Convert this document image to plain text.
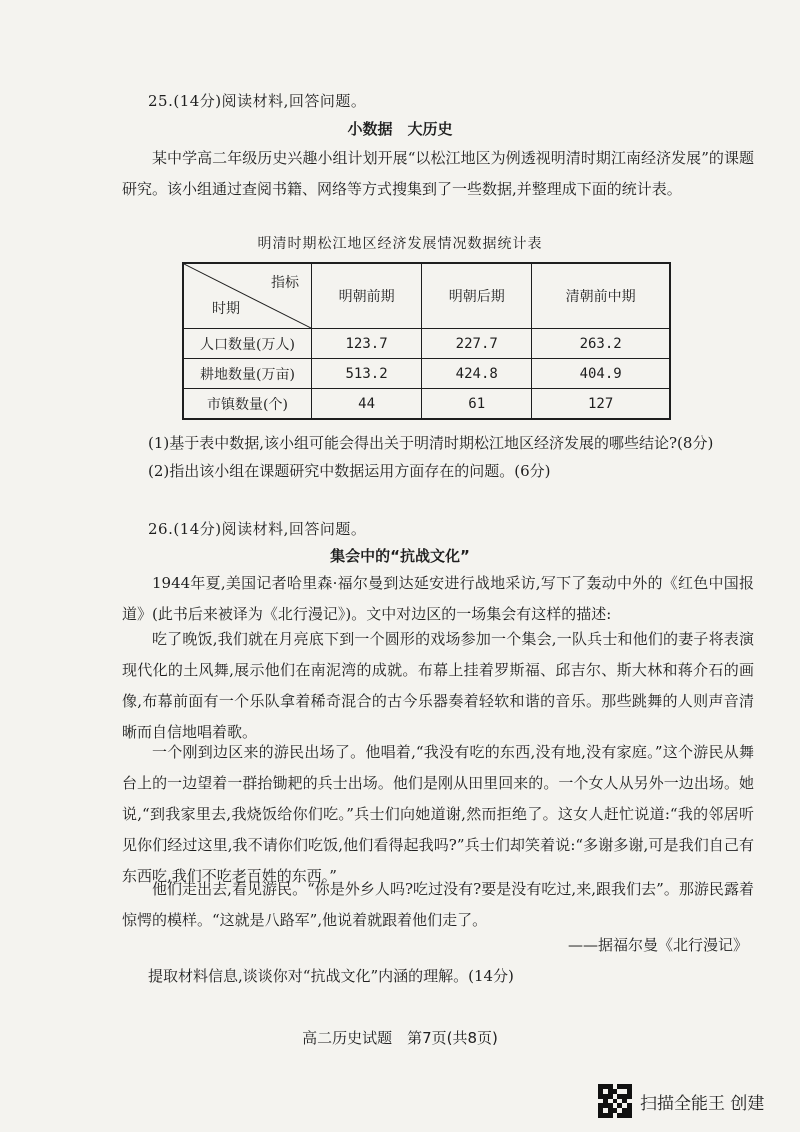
25.(14分)阅读材料,回答问题。
小数据　大历史
某中学高二年级历史兴趣小组计划开展“以松江地区为例透视明清时期江南经济发展”的课题研究。该小组通过查阅书籍、网络等方式搜集到了一些数据,并整理成下面的统计表。
明清时期松江地区经济发展情况数据统计表
指标
时期	明朝前期	明朝后期	清朝前中期
人口数量(万人)	123.7	227.7	263.2
耕地数量(万亩)	513.2	424.8	404.9
市镇数量(个)	44	61	127
(1)基于表中数据,该小组可能会得出关于明清时期松江地区经济发展的哪些结论?(8分)
(2)指出该小组在课题研究中数据运用方面存在的问题。(6分)
26.(14分)阅读材料,回答问题。
集会中的“抗战文化”
1944年夏,美国记者哈里森·福尔曼到达延安进行战地采访,写下了轰动中外的《红色中国报道》(此书后来被译为《北行漫记》)。文中对边区的一场集会有这样的描述:
吃了晚饭,我们就在月亮底下到一个圆形的戏场参加一个集会,一队兵士和他们的妻子将表演现代化的土风舞,展示他们在南泥湾的成就。布幕上挂着罗斯福、邱吉尔、斯大林和蒋介石的画像,布幕前面有一个乐队拿着稀奇混合的古今乐器奏着轻软和谐的音乐。那些跳舞的人则声音清晰而自信地唱着歌。
一个刚到边区来的游民出场了。他唱着,“我没有吃的东西,没有地,没有家庭。”这个游民从舞台上的一边望着一群抬锄耙的兵士出场。他们是刚从田里回来的。一个女人从另外一边出场。她说,“到我家里去,我烧饭给你们吃。”兵士们向她道谢,然而拒绝了。这女人赶忙说道:“我的邻居听见你们经过这里,我不请你们吃饭,他们看得起我吗?”兵士们却笑着说:“多谢多谢,可是我们自己有东西吃,我们不吃老百姓的东西。”
他们走出去,看见游民。“你是外乡人吗?吃过没有?要是没有吃过,来,跟我们去”。那游民露着惊愕的模样。“这就是八路军”,他说着就跟着他们走了。
——据福尔曼《北行漫记》
提取材料信息,谈谈你对“抗战文化”内涵的理解。(14分)
高二历史试题　第7页(共8页)
扫描全能王 创建
